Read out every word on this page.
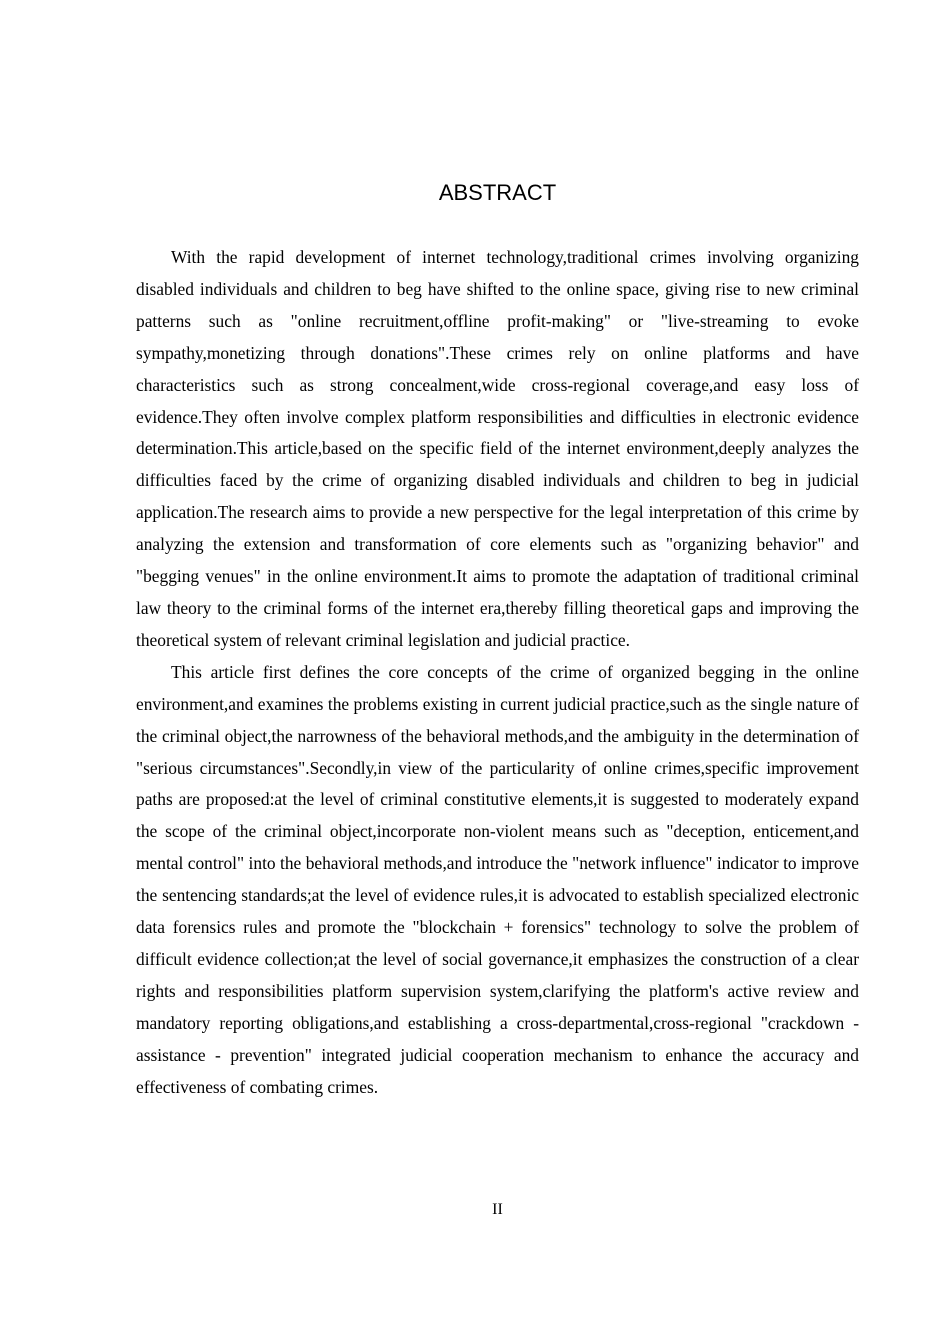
ABSTRACT

With the rapid development of internet technology,traditional crimes involving organizing disabled individuals and children to beg have shifted to the online space, giving rise to new criminal patterns such as "online recruitment,offline profit-making" or "live-streaming to evoke sympathy,monetizing through donations".These crimes rely on online platforms and have characteristics such as strong concealment,wide cross-regional coverage,and easy loss of evidence.They often involve complex platform responsibilities and difficulties in electronic evidence determination.This article,based on the specific field of the internet environment,deeply analyzes the difficulties faced by the crime of organizing disabled individuals and children to beg in judicial application.The research aims to provide a new perspective for the legal interpretation of this crime by analyzing the extension and transformation of core elements such as "organizing behavior" and "begging venues" in the online environment.It aims to promote the adaptation of traditional criminal law theory to the criminal forms of the internet era,thereby filling theoretical gaps and improving the theoretical system of relevant criminal legislation and judicial practice.

This article first defines the core concepts of the crime of organized begging in the online environment,and examines the problems existing in current judicial practice,such as the single nature of the criminal object,the narrowness of the behavioral methods,and the ambiguity in the determination of "serious circumstances".Secondly,in view of the particularity of online crimes,specific improvement paths are proposed:at the level of criminal constitutive elements,it is suggested to moderately expand the scope of the criminal object,incorporate non-violent means such as "deception, enticement,and mental control" into the behavioral methods,and introduce the "network influence" indicator to improve the sentencing standards;at the level of evidence rules,it is advocated to establish specialized electronic data forensics rules and promote the "blockchain + forensics" technology to solve the problem of difficult evidence collection;at the level of social governance,it emphasizes the construction of a clear rights and responsibilities platform supervision system,clarifying the platform's active review and mandatory reporting obligations,and establishing a cross-departmental,cross-regional "crackdown - assistance - prevention" integrated judicial cooperation mechanism to enhance the accuracy and effectiveness of combating crimes.

II
